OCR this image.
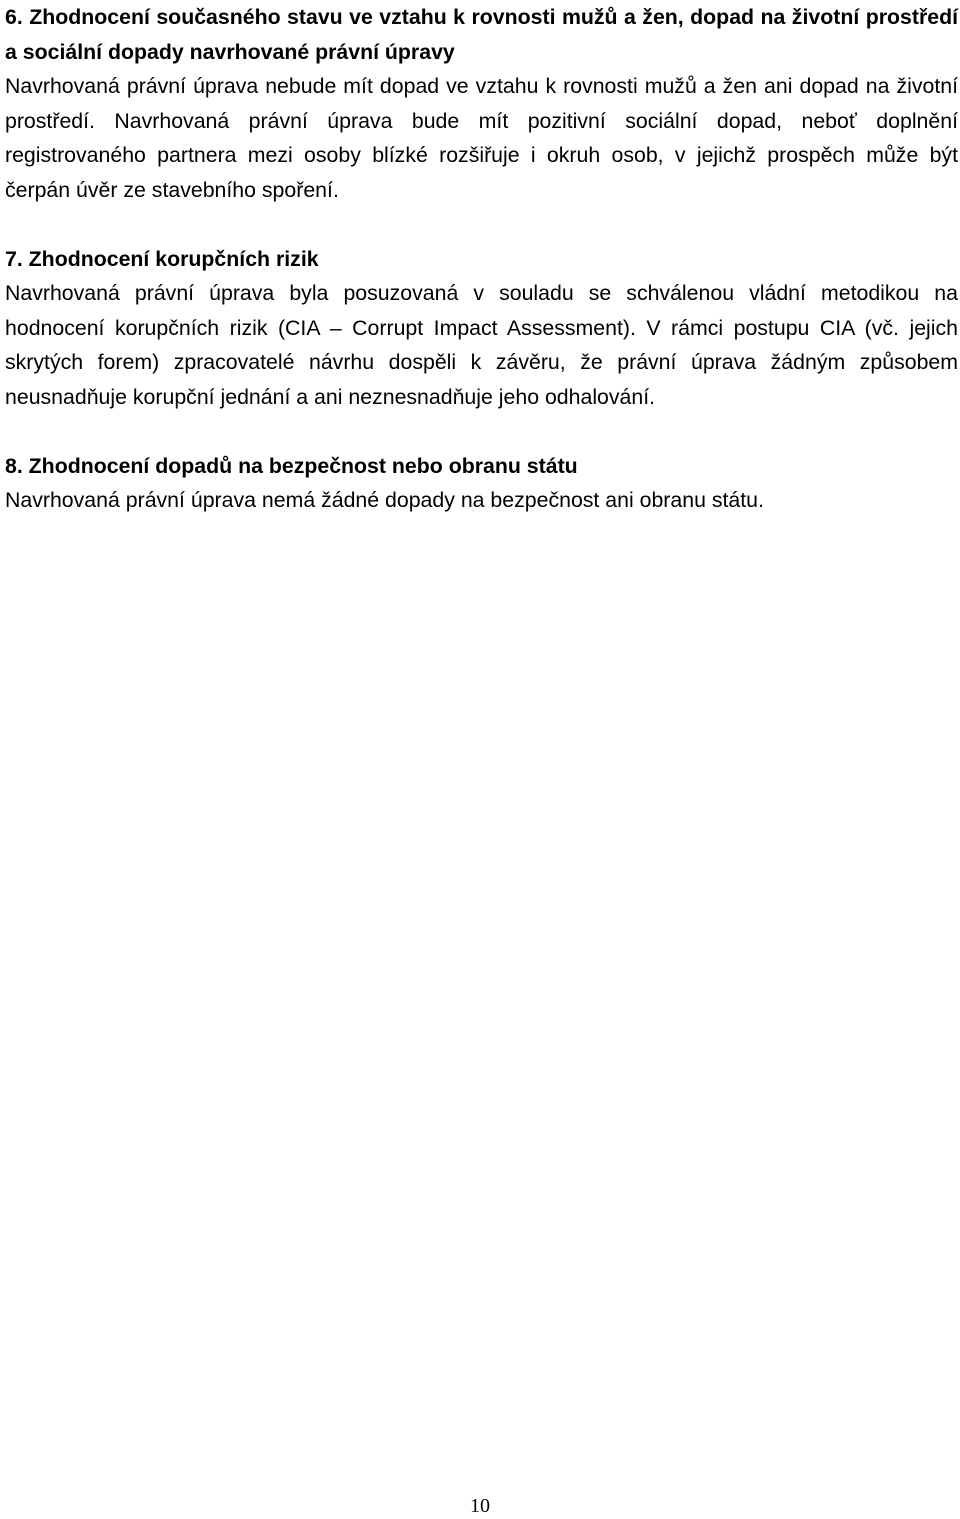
6. Zhodnocení současného stavu ve vztahu k rovnosti mužů a žen, dopad na životní prostředí a sociální dopady navrhované právní úpravy

Navrhovaná právní úprava nebude mít dopad ve vztahu k rovnosti mužů a žen ani dopad na životní prostředí. Navrhovaná právní úprava bude mít pozitivní sociální dopad, neboť doplnění registrovaného partnera mezi osoby blízké rozšiřuje i okruh osob, v jejichž prospěch může být čerpán úvěr ze stavebního spoření.

7. Zhodnocení korupčních rizik

Navrhovaná právní úprava byla posuzovaná v souladu se schválenou vládní metodikou na hodnocení korupčních rizik (CIA – Corrupt Impact Assessment). V rámci postupu CIA (vč. jejich skrytých forem) zpracovatelé návrhu dospěli k závěru, že právní úprava žádným způsobem neusnadňuje korupční jednání a ani neznesnadňuje jeho odhalování.

8. Zhodnocení dopadů na bezpečnost nebo obranu státu

Navrhovaná právní úprava nemá žádné dopady na bezpečnost ani obranu státu.

10
